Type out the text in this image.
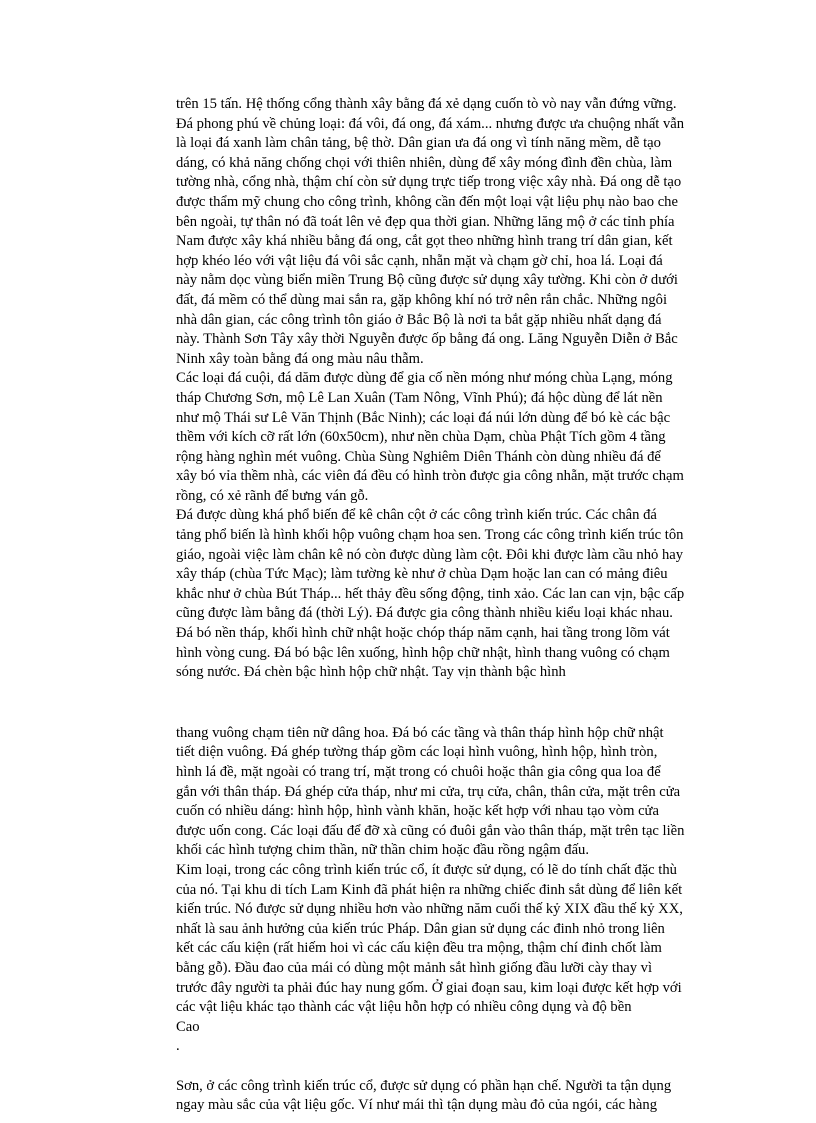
trên 15 tấn. Hệ thống cổng thành xây bằng đá xẻ dạng cuốn tò vò nay vẫn đứng vững.
Đá phong phú về chủng loại: đá vôi, đá ong, đá xám... nhưng được ưa chuộng nhất vẫn
là loại đá xanh làm chân tảng, bệ thờ. Dân gian ưa đá ong vì tính năng mềm, dễ tạo
dáng, có khả năng chống chọi với thiên nhiên, dùng để xây móng đình đền chùa, làm
tường nhà, cổng nhà, thậm chí còn sử dụng trực tiếp trong việc xây nhà. Đá ong dễ tạo
được thẩm mỹ chung cho công trình, không cần đến một loại vật liệu phụ nào bao che
bên ngoài, tự thân nó đã toát lên vẻ đẹp qua thời gian. Những lăng mộ ở các tỉnh phía
Nam được xây khá nhiều bằng đá ong, cắt gọt theo những hình trang trí dân gian, kết
hợp khéo léo với vật liệu đá vôi sắc cạnh, nhẵn mặt và chạm gờ chỉ, hoa lá. Loại đá
này nằm dọc vùng biển miền Trung Bộ cũng được sử dụng xây tường. Khi còn ở dưới
đất, đá mềm có thể dùng mai sắn ra, gặp không khí nó trở nên rắn chắc. Những ngôi
nhà dân gian, các công trình tôn giáo ở Bắc Bộ là nơi ta bắt gặp nhiều nhất dạng đá
này. Thành Sơn Tây xây thời Nguyễn được ốp bằng đá ong. Lăng Nguyễn Diễn ở Bắc
Ninh xây toàn bằng đá ong màu nâu thẫm.

Các loại đá cuội, đá dăm được dùng để gia cố nền móng như móng chùa Lạng, móng
tháp Chương Sơn, mộ Lê Lan Xuân (Tam Nông, Vĩnh Phú); đá hộc dùng để lát nền
như mộ Thái sư Lê Văn Thịnh (Bắc Ninh); các loại đá núi lớn dùng để bó kè các bậc
thềm với kích cỡ rất lớn (60x50cm), như nền chùa Dạm, chùa Phật Tích gồm 4 tầng
rộng hàng nghìn mét vuông. Chùa Sùng Nghiêm Diên Thánh còn dùng nhiều đá để
xây bó vỉa thềm nhà, các viên đá đều có hình tròn được gia công nhẵn, mặt trước chạm
rồng, có xẻ rãnh để bưng ván gỗ.

Đá được dùng khá phổ biến để kê chân cột ở các công trình kiến trúc. Các chân đá
tảng phổ biến là hình khối hộp vuông chạm hoa sen. Trong các công trình kiến trúc tôn
giáo, ngoài việc làm chân kê nó còn được dùng làm cột. Đôi khi được làm cầu nhỏ hay
xây tháp (chùa Tức Mạc); làm tường kè như ở chùa Dạm hoặc lan can có mảng điêu
khắc như ở chùa Bút Tháp... hết thảy đều sống động, tinh xảo. Các lan can vịn, bậc cấp
cũng được làm bằng đá (thời Lý). Đá được gia công thành nhiều kiểu loại khác nhau.
Đá bó nền tháp, khối hình chữ nhật hoặc chóp tháp năm cạnh, hai tầng trong lõm vát
hình vòng cung. Đá bó bậc lên xuống, hình hộp chữ nhật, hình thang vuông có chạm
sóng nước. Đá chèn bậc hình hộp chữ nhật. Tay vịn thành bậc hình

thang vuông chạm tiên nữ dâng hoa. Đá bó các tầng và thân tháp hình hộp chữ nhật
tiết diện vuông. Đá ghép tường tháp gồm các loại hình vuông, hình hộp, hình tròn,
hình lá đề, mặt ngoài có trang trí, mặt trong có chuôi hoặc thân gia công qua loa để
gắn với thân tháp. Đá ghép cửa tháp, như mi cửa, trụ cửa, chân, thân cửa, mặt trên cửa
cuốn có nhiều dáng: hình hộp, hình vành khăn, hoặc kết hợp với nhau tạo vòm cửa
được uốn cong. Các loại đấu để đỡ xà cũng có đuôi gắn vào thân tháp, mặt trên tạc liền
khối các hình tượng chim thần, nữ thần chim hoặc đầu rồng ngậm đấu.

Kim loại, trong các công trình kiến trúc cổ, ít được sử dụng, có lẽ do tính chất đặc thù
của nó. Tại khu di tích Lam Kinh đã phát hiện ra những chiếc đinh sắt dùng để liên kết
kiến trúc. Nó được sử dụng nhiều hơn vào những năm cuối thế kỷ XIX đầu thế kỷ XX,
nhất là sau ảnh hưởng của kiến trúc Pháp. Dân gian sử dụng các đinh nhỏ trong liên
kết các cấu kiện (rất hiếm hoi vì các cấu kiện đều tra mộng, thậm chí đinh chốt làm
bằng gỗ). Đầu đao của mái có dùng một mảnh sắt hình giống đầu lưỡi cày thay vì
trước đây người ta phải đúc hay nung gốm. Ở giai đoạn sau, kim loại được kết hợp với
các vật liệu khác tạo thành các vật liệu hỗn hợp có nhiều công dụng và độ bền
Cao

.

Sơn, ở các công trình kiến trúc cổ, được sử dụng có phần hạn chế. Người ta tận dụng
ngay màu sắc của vật liệu gốc. Ví như mái thì tận dụng màu đỏ của ngói, các hàng
